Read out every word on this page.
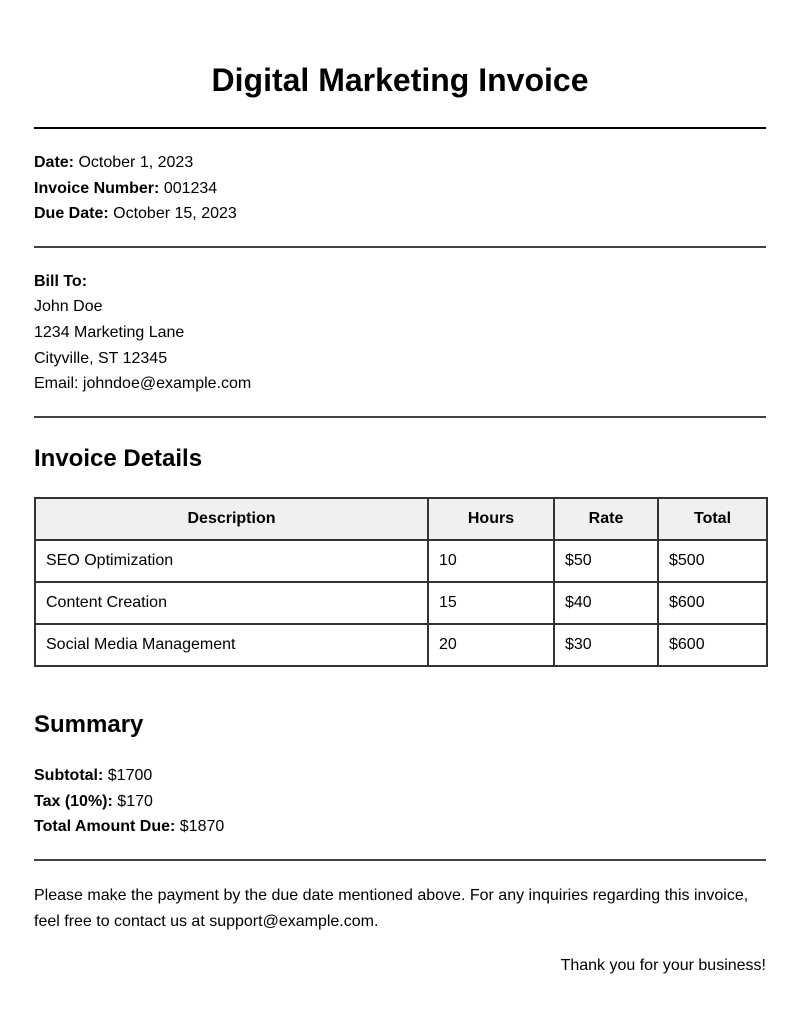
Digital Marketing Invoice
Date: October 1, 2023
Invoice Number: 001234
Due Date: October 15, 2023
Bill To:
John Doe
1234 Marketing Lane
Cityville, ST 12345
Email: johndoe@example.com
Invoice Details
Description	Hours	Rate	Total
SEO Optimization	10	$50	$500
Content Creation	15	$40	$600
Social Media Management	20	$30	$600
Summary
Subtotal: $1700
Tax (10%): $170
Total Amount Due: $1870

Please make the payment by the due date mentioned above. For any inquiries regarding this invoice, feel free to contact us at support@example.com.

Thank you for your business!
